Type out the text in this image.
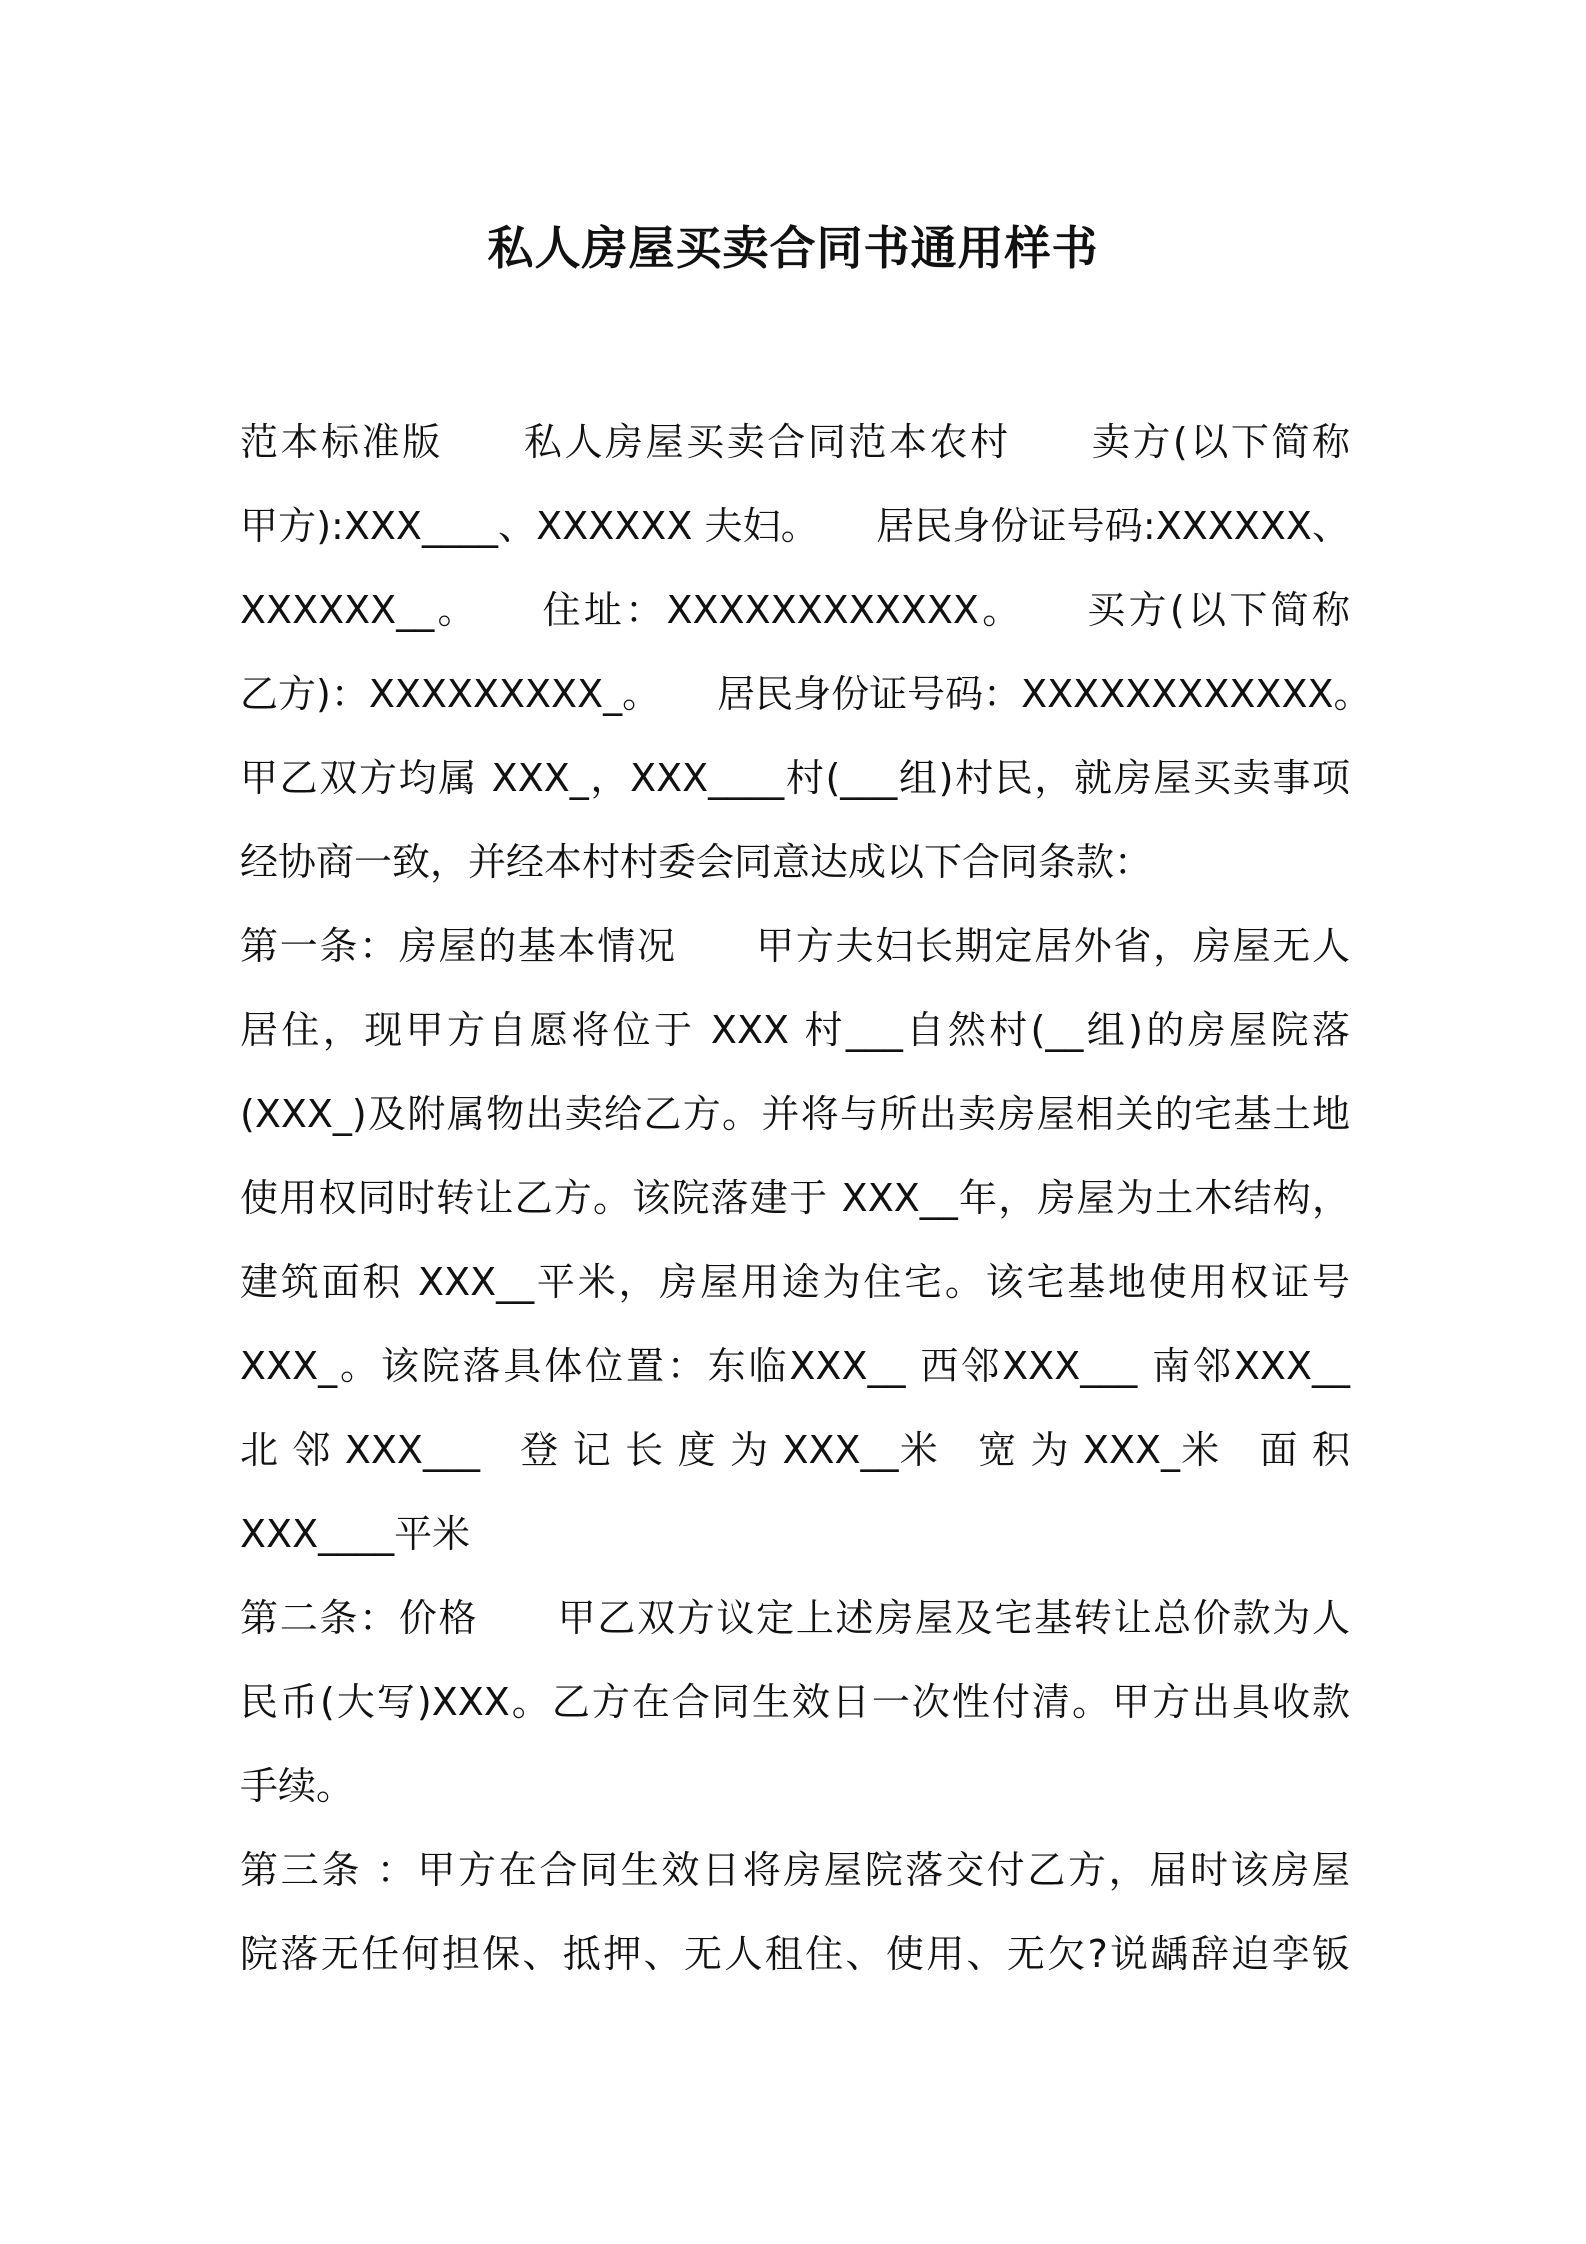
私人房屋买卖合同书通用样书
范本标准版　　私人房屋买卖合同范本农村　　卖方(以下简称
甲方):XXX____、XXXXXX 夫妇。　　居民身份证号码:XXXXXX、
XXXXXX__。　　住址：XXXXXXXXXXXX。　　买方(以下简称
乙方)：XXXXXXXXX_。　　居民身份证号码：XXXXXXXXXXXX。
甲乙双方均属 XXX_，XXX____村(___组)村民，就房屋买卖事项
经协商一致，并经本村村委会同意达成以下合同条款：
第一条：房屋的基本情况　　甲方夫妇长期定居外省，房屋无人
居住，现甲方自愿将位于 XXX 村___自然村(__组)的房屋院落
(XXX_)及附属物出卖给乙方。并将与所出卖房屋相关的宅基土地
使用权同时转让乙方。该院落建于 XXX__年，房屋为土木结构，
建筑面积 XXX__平米，房屋用途为住宅。该宅基地使用权证号
XXX_。该院落具体位置：东临XXX__ 西邻XXX___ 南邻XXX__
北 邻 XXX___　登 记 长 度 为 XXX__米　宽 为 XXX_米　面 积
XXX____平米
第二条：价格　　甲乙双方议定上述房屋及宅基转让总价款为人
民币(大写)XXX。乙方在合同生效日一次性付清。甲方出具收款
手续。
第三条 ：甲方在合同生效日将房屋院落交付乙方，届时该房屋
院落无任何担保、抵押、无人租住、使用、无欠?说龋辞迫孪钣
